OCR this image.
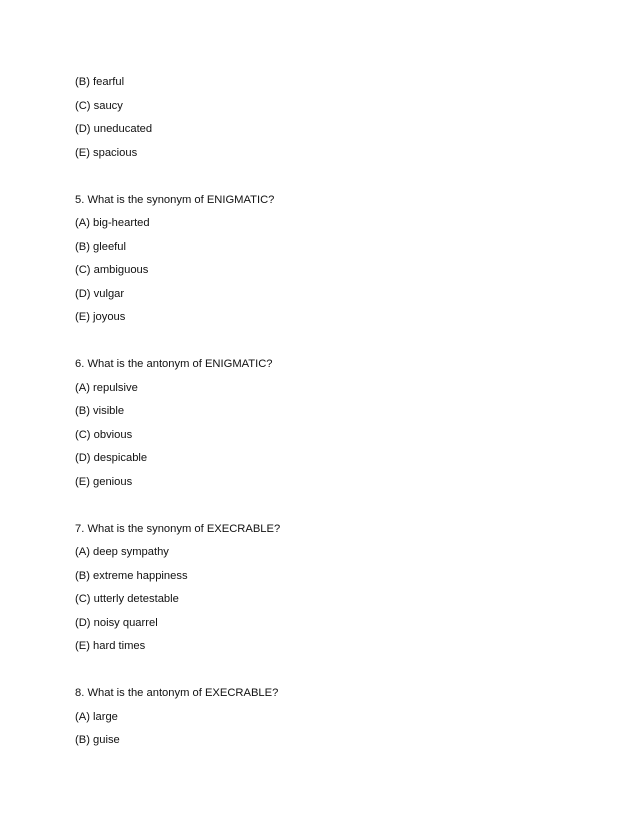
(B) fearful
(C) saucy
(D) uneducated
(E) spacious
5. What is the synonym of ENIGMATIC?
(A) big-hearted
(B) gleeful
(C) ambiguous
(D) vulgar
(E) joyous
6. What is the antonym of ENIGMATIC?
(A) repulsive
(B) visible
(C) obvious
(D) despicable
(E) genious
7. What is the synonym of EXECRABLE?
(A) deep sympathy
(B) extreme happiness
(C) utterly detestable
(D) noisy quarrel
(E) hard times
8. What is the antonym of EXECRABLE?
(A) large
(B) guise
